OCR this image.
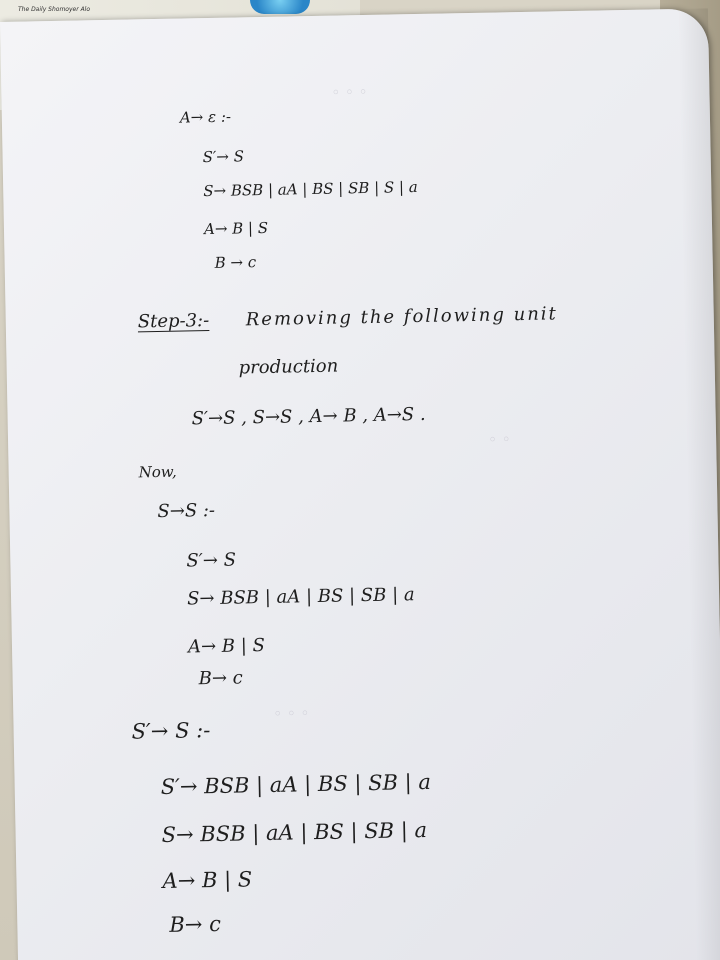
The Daily Shomoyer Alo
◦ ◦ ◦
◦ ◦
◦ ◦ ◦
A→ ε :-
S′→ S
S→ BSB | aA | BS | SB | S | a
A→ B | S
B → c
Step-3:- Removing the following unit
production
S′→S , S→S , A→ B , A→S .
Now,
S→S :-
S′→ S
S→ BSB | aA | BS | SB | a
A→ B | S
B→ c
S′→ S :-
S′→ BSB | aA | BS | SB | a
S→ BSB | aA | BS | SB | a
A→ B | S
B→ c
